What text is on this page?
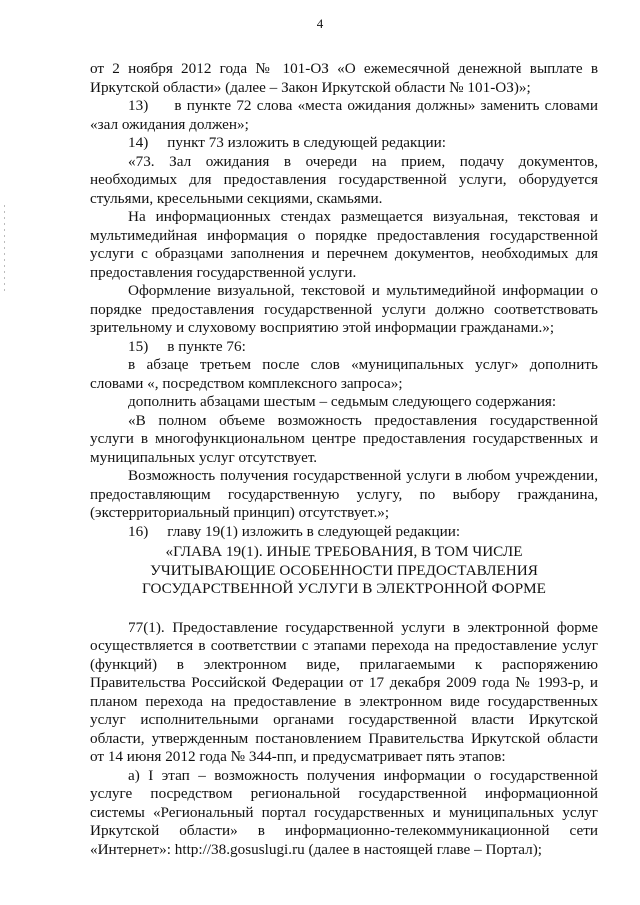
4

от 2 ноября 2012 года № 101-ОЗ «О ежемесячной денежной выплате в Иркутской области» (далее – Закон Иркутской области № 101-ОЗ)»;

13) в пункте 72 слова «места ожидания должны» заменить словами «зал ожидания должен»;

14) пункт 73 изложить в следующей редакции:

«73. Зал ожидания в очереди на прием, подачу документов, необходимых для предоставления государственной услуги, оборудуется стульями, кресельными секциями, скамьями.

На информационных стендах размещается визуальная, текстовая и мультимедийная информация о порядке предоставления государственной услуги с образцами заполнения и перечнем документов, необходимых для предоставления государственной услуги.

Оформление визуальной, текстовой и мультимедийной информации о порядке предоставления государственной услуги должно соответствовать зрительному и слуховому восприятию этой информации гражданами.»;

15) в пункте 76:

в абзаце третьем после слов «муниципальных услуг» дополнить словами «, посредством комплексного запроса»;

дополнить абзацами шестым – седьмым следующего содержания:

«В полном объеме возможность предоставления государственной услуги в многофункциональном центре предоставления государственных и муниципальных услуг отсутствует.

Возможность получения государственной услуги в любом учреждении, предоставляющим государственную услугу, по выбору гражданина, (экстерриториальный принцип) отсутствует.»;

16) главу 19(1) изложить в следующей редакции:

«ГЛАВА 19(1). ИНЫЕ ТРЕБОВАНИЯ, В ТОМ ЧИСЛЕ
УЧИТЫВАЮЩИЕ ОСОБЕННОСТИ ПРЕДОСТАВЛЕНИЯ
ГОСУДАРСТВЕННОЙ УСЛУГИ В ЭЛЕКТРОННОЙ ФОРМЕ

77(1). Предоставление государственной услуги в электронной форме осуществляется в соответствии с этапами перехода на предоставление услуг (функций) в электронном виде, прилагаемыми к распоряжению Правительства Российской Федерации от 17 декабря 2009 года № 1993-р, и планом перехода на предоставление в электронном виде государственных услуг исполнительными органами государственной власти Иркутской области, утвержденным постановлением Правительства Иркутской области от 14 июня 2012 года № 344-пп, и предусматривает пять этапов:

а) I этап – возможность получения информации о государственной услуге посредством региональной государственной информационной системы «Региональный портал государственных и муниципальных услуг Иркутской области» в информационно-телекоммуникационной сети «Интернет»: http://38.gosuslugi.ru (далее в настоящей главе – Портал);
